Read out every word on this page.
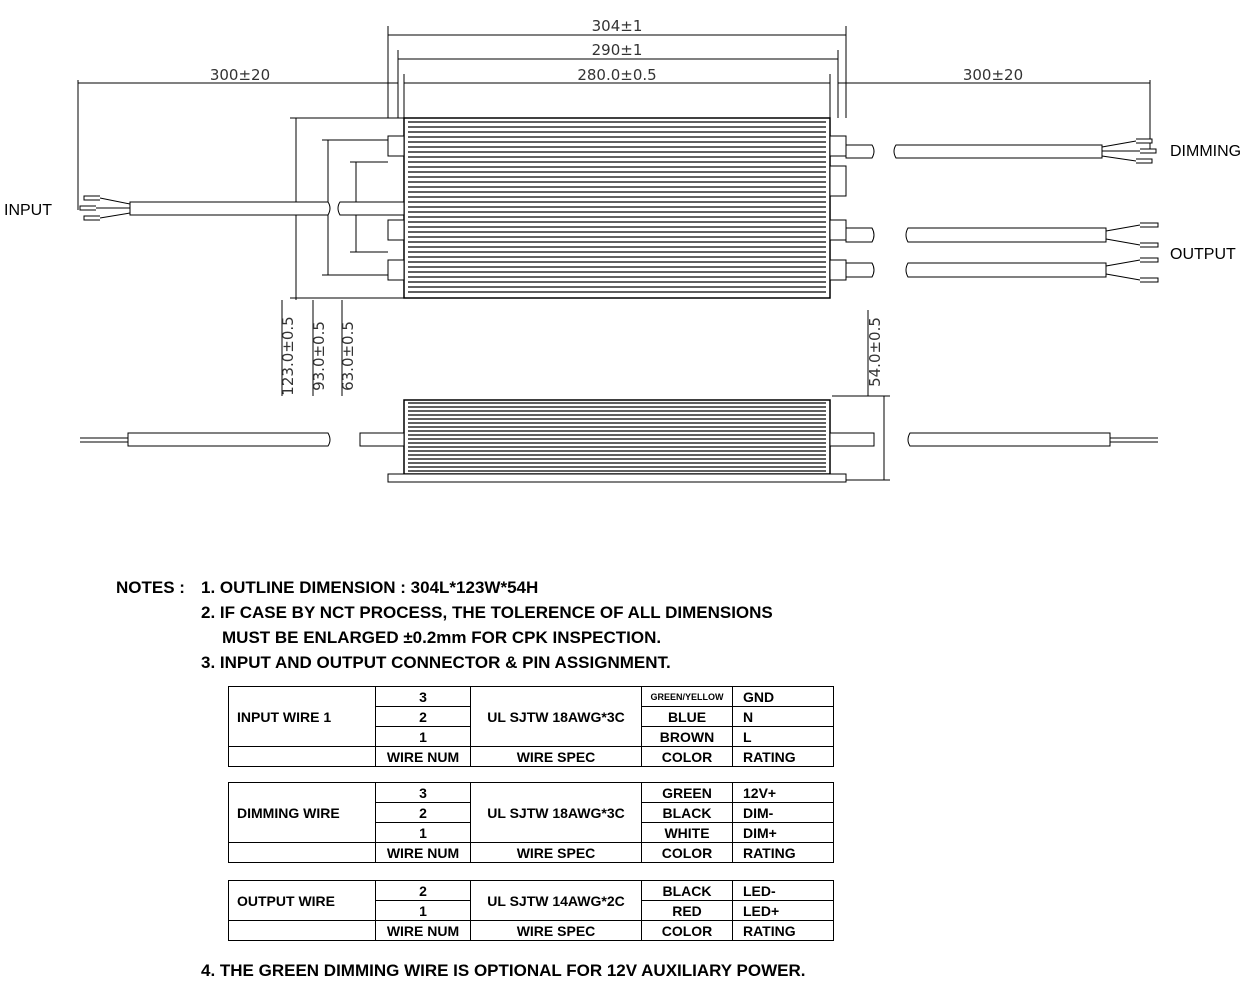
304±1
290±1
280.0±0.5
300±20	300±20
123.0±0.5 93.0±0.5 63.0±0.5	54.0±0.5
INPUT
DIMMING
OUTPUT
NOTES : 1. OUTLINE DIMENSION : 304L*123W*54H
2. IF CASE BY NCT PROCESS, THE TOLERENCE OF ALL DIMENSIONS
MUST BE ENLARGED ±0.2mm FOR CPK INSPECTION.
3. INPUT AND OUTPUT CONNECTOR & PIN ASSIGNMENT.
4. THE GREEN DIMMING WIRE IS OPTIONAL FOR 12V AUXILIARY POWER.
INPUT WIRE 1	3	UL SJTW 18AWG*3C	GREEN/YELLOW	GND
	2		BLUE	N
	1		BROWN	L
	WIRE NUM	WIRE SPEC	COLOR	RATING
DIMMING WIRE	3	UL SJTW 18AWG*3C	GREEN	12V+
	2		BLACK	DIM-
	1		WHITE	DIM+
	WIRE NUM	WIRE SPEC	COLOR	RATING
OUTPUT WIRE	2	UL SJTW 14AWG*2C	BLACK	LED-
	1		RED	LED+
	WIRE NUM	WIRE SPEC	COLOR	RATING
